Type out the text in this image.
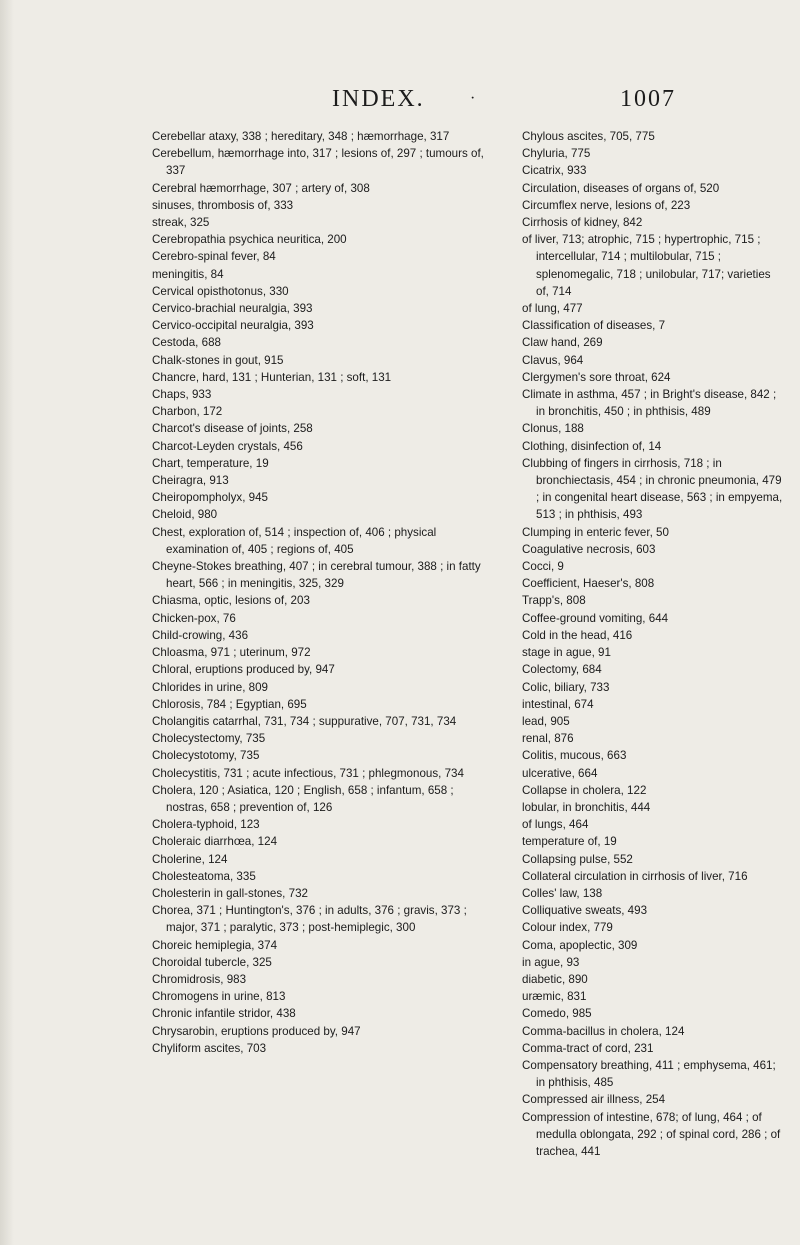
INDEX.	·	1007

Cerebellar ataxy, 338 ; hereditary, 348 ; hæmorrhage, 317

Cerebellum, hæmorrhage into, 317 ; lesions of, 297 ; tumours of, 337

Cerebral hæmorrhage, 307 ; artery of, 308

sinuses, thrombosis of, 333

streak, 325

Cerebropathia psychica neuritica, 200

Cerebro-spinal fever, 84

meningitis, 84

Cervical opisthotonus, 330

Cervico-brachial neuralgia, 393

Cervico-occipital neuralgia, 393

Cestoda, 688

Chalk-stones in gout, 915

Chancre, hard, 131 ; Hunterian, 131 ; soft, 131

Chaps, 933

Charbon, 172

Charcot's disease of joints, 258

Charcot-Leyden crystals, 456

Chart, temperature, 19

Cheiragra, 913

Cheiropompholyx, 945

Cheloid, 980

Chest, exploration of, 514 ; inspection of, 406 ; physical examination of, 405 ; regions of, 405

Cheyne-Stokes breathing, 407 ; in cerebral tumour, 388 ; in fatty heart, 566 ; in meningitis, 325, 329

Chiasma, optic, lesions of, 203

Chicken-pox, 76

Child-crowing, 436

Chloasma, 971 ; uterinum, 972

Chloral, eruptions produced by, 947

Chlorides in urine, 809

Chlorosis, 784 ; Egyptian, 695

Cholangitis catarrhal, 731, 734 ; suppurative, 707, 731, 734

Cholecystectomy, 735

Cholecystotomy, 735

Cholecystitis, 731 ; acute infectious, 731 ; phlegmonous, 734

Cholera, 120 ; Asiatica, 120 ; English, 658 ; infantum, 658 ; nostras, 658 ; prevention of, 126

Cholera-typhoid, 123

Choleraic diarrhœa, 124

Cholerine, 124

Cholesteatoma, 335

Cholesterin in gall-stones, 732

Chorea, 371 ; Huntington's, 376 ; in adults, 376 ; gravis, 373 ; major, 371 ; paralytic, 373 ; post-hemiplegic, 300

Choreic hemiplegia, 374

Choroidal tubercle, 325

Chromidrosis, 983

Chromogens in urine, 813

Chronic infantile stridor, 438

Chrysarobin, eruptions produced by, 947

Chyliform ascites, 703

Chylous ascites, 705, 775

Chyluria, 775

Cicatrix, 933

Circulation, diseases of organs of, 520

Circumflex nerve, lesions of, 223

Cirrhosis of kidney, 842

of liver, 713; atrophic, 715 ; hypertrophic, 715 ; intercellular, 714 ; multilobular, 715 ; splenomegalic, 718 ; unilobular, 717; varieties of, 714

of lung, 477

Classification of diseases, 7

Claw hand, 269

Clavus, 964

Clergymen's sore throat, 624

Climate in asthma, 457 ; in Bright's disease, 842 ; in bronchitis, 450 ; in phthisis, 489

Clonus, 188

Clothing, disinfection of, 14

Clubbing of fingers in cirrhosis, 718 ; in bronchiectasis, 454 ; in chronic pneumonia, 479 ; in congenital heart disease, 563 ; in empyema, 513 ; in phthisis, 493

Clumping in enteric fever, 50

Coagulative necrosis, 603

Cocci, 9

Coefficient, Haeser's, 808

Trapp's, 808

Coffee-ground vomiting, 644

Cold in the head, 416

stage in ague, 91

Colectomy, 684

Colic, biliary, 733

intestinal, 674

lead, 905

renal, 876

Colitis, mucous, 663

ulcerative, 664

Collapse in cholera, 122

lobular, in bronchitis, 444

of lungs, 464

temperature of, 19

Collapsing pulse, 552

Collateral circulation in cirrhosis of liver, 716

Colles' law, 138

Colliquative sweats, 493

Colour index, 779

Coma, apoplectic, 309

in ague, 93

diabetic, 890

uræmic, 831

Comedo, 985

Comma-bacillus in cholera, 124

Comma-tract of cord, 231

Compensatory breathing, 411 ; emphysema, 461; in phthisis, 485

Compressed air illness, 254

Compression of intestine, 678; of lung, 464 ; of medulla oblongata, 292 ; of spinal cord, 286 ; of trachea, 441
